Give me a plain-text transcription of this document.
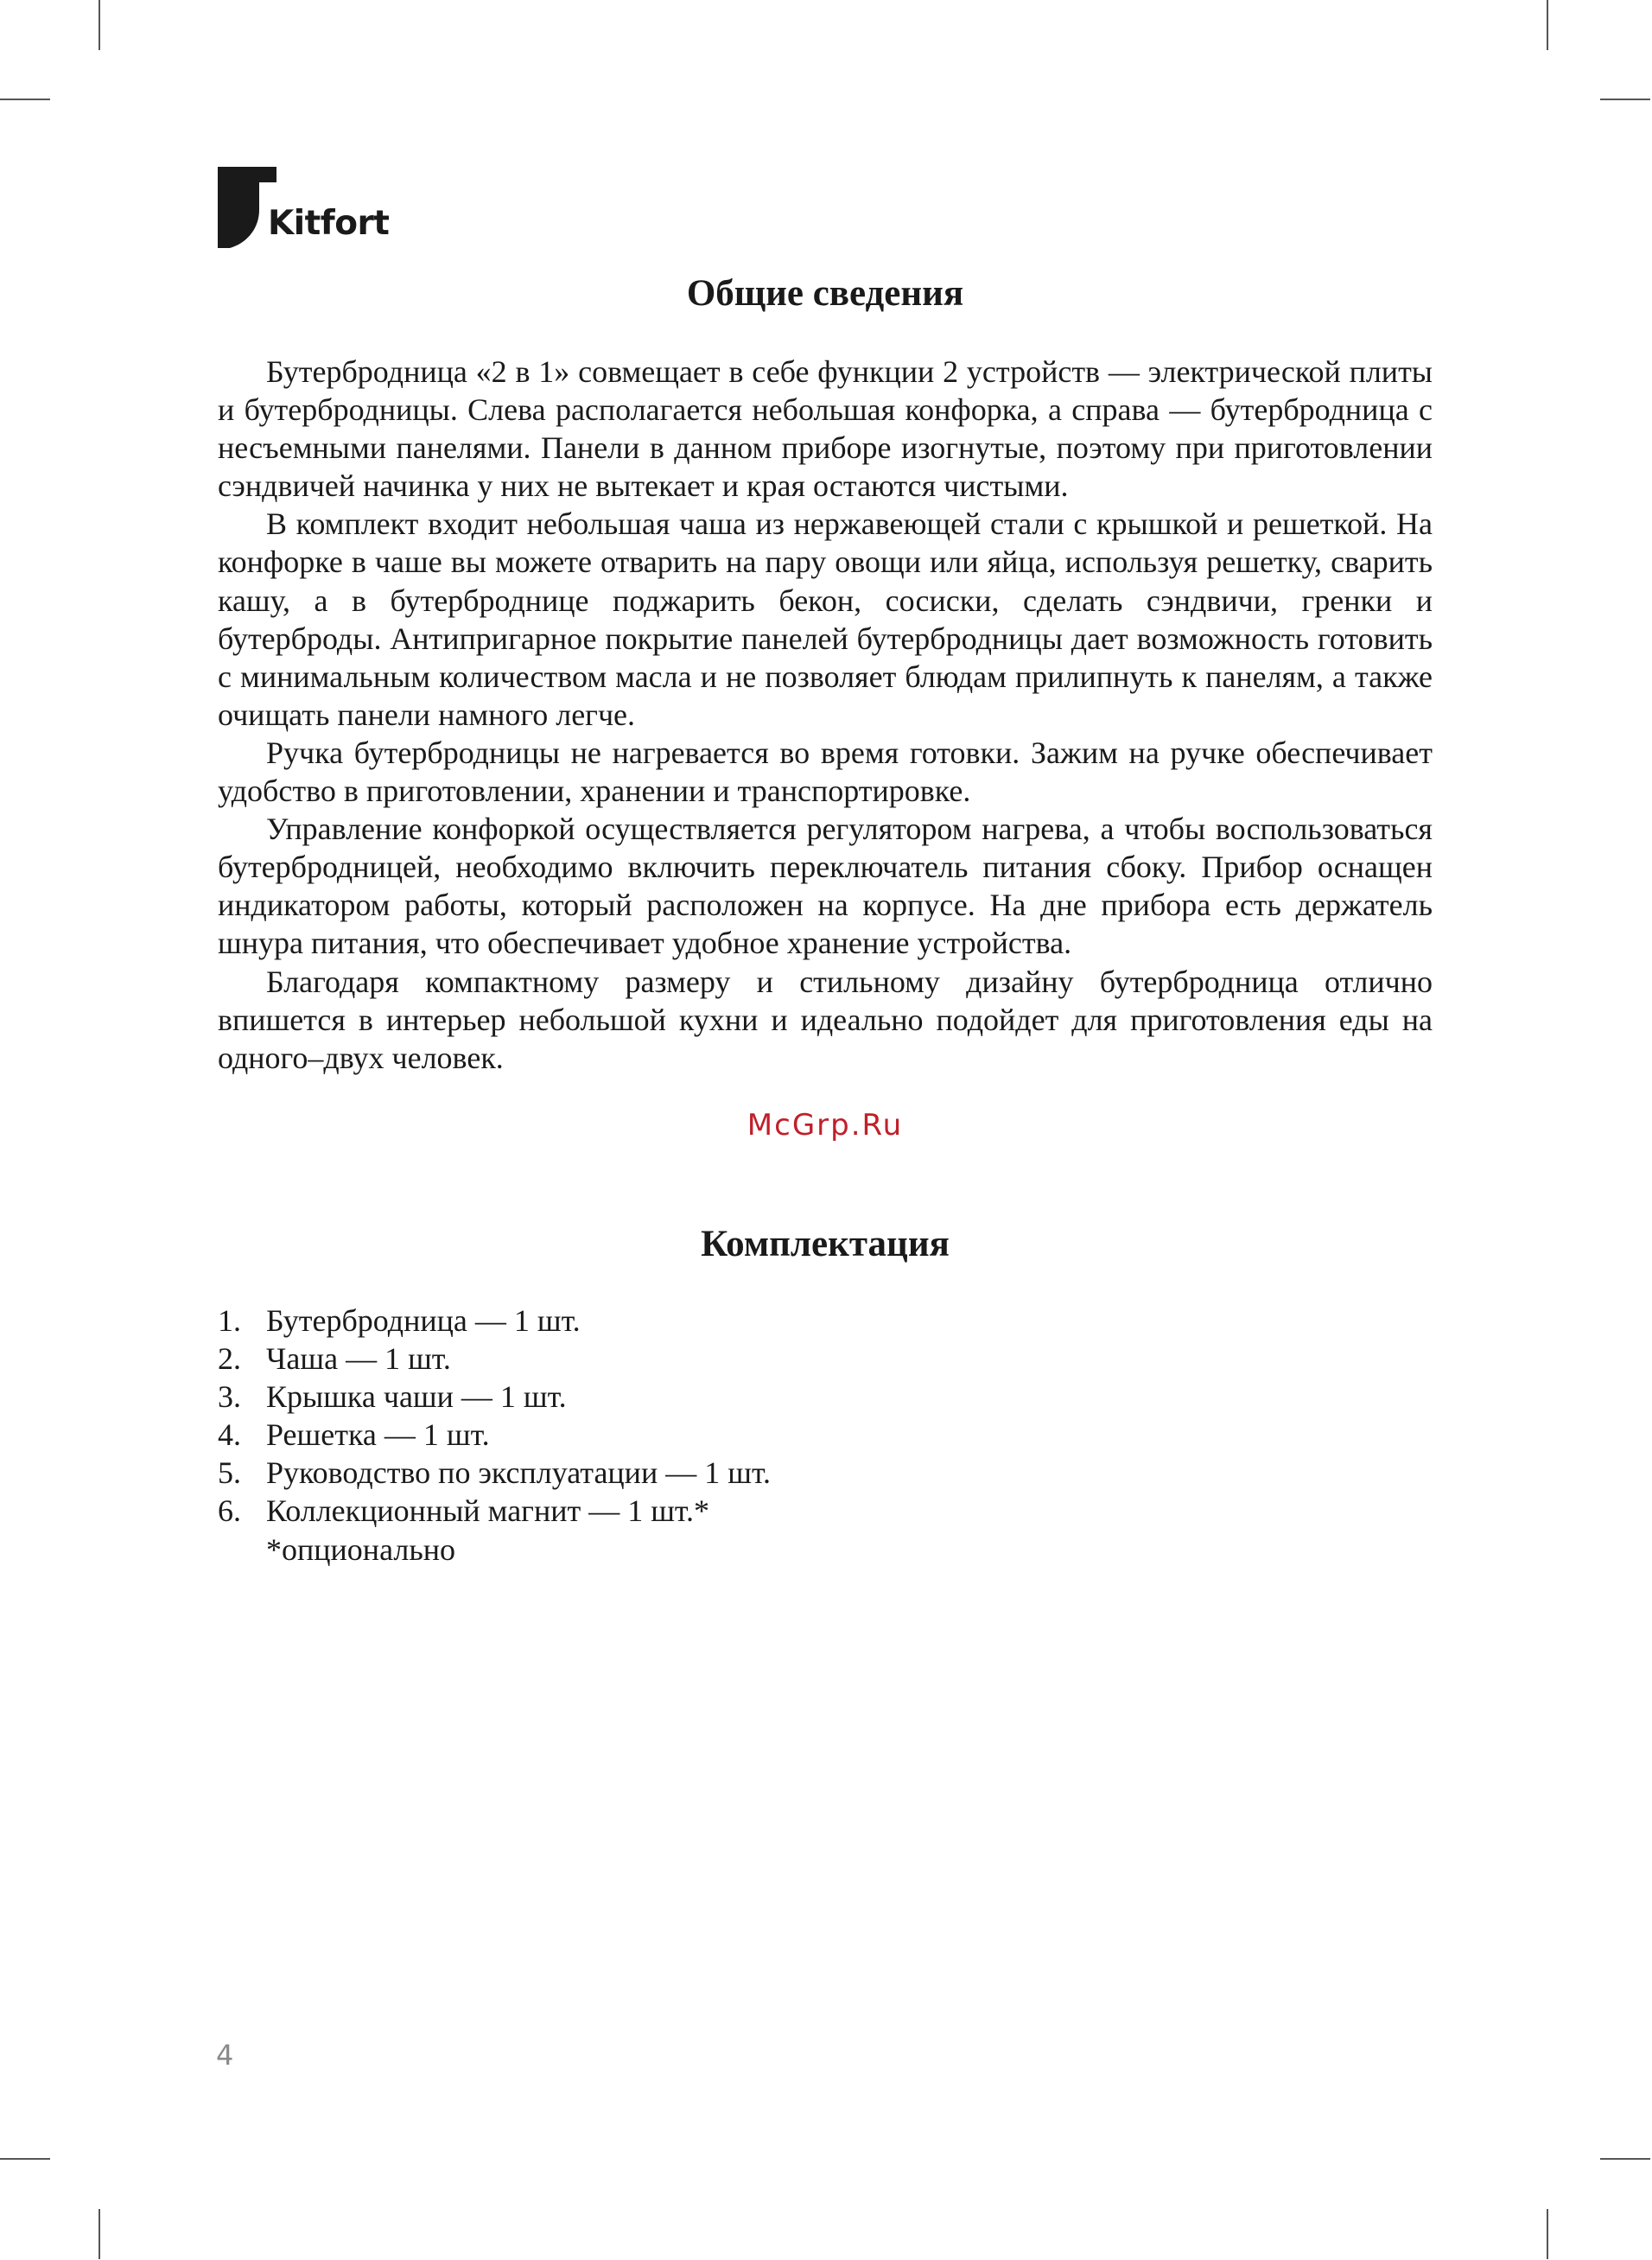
Kitfort
Общие сведения

Бутербродница «2 в 1» совмещает в себе функции 2 устройств — электрической плиты и бутербродницы. Слева располагается небольшая конфорка, а справа — бутербродница с несъемными панелями. Панели в данном приборе изогнутые, поэтому при приготовлении сэндвичей начинка у них не вытекает и края остаются чистыми.

В комплект входит небольшая чаша из нержавеющей стали с крышкой и решеткой. На конфорке в чаше вы можете отварить на пару овощи или яйца, используя решетку, сварить кашу, а в бутербродницe поджарить бекон, сосиски, сделать сэндвичи, гренки и бутерброды. Антипригарное покрытие панелей бутербродницы дает возможность готовить с минимальным количеством масла и не позволяет блюдам прилипнуть к панелям, а также очищать панели намного легче.

Ручка бутербродницы не нагревается во время готовки. Зажим на ручке обеспечивает удобство в приготовлении, хранении и транспортировке.

Управление конфоркой осуществляется регулятором нагрева, а чтобы воспользоваться бутербродницей, необходимо включить переключатель питания сбоку. Прибор оснащен индикатором работы, который расположен на корпусе. На дне прибора есть держатель шнура питания, что обеспечивает удобное хранение устройства.

Благодаря компактному размеру и стильному дизайну бутербродница отлично впишется в интерьер небольшой кухни и идеально подойдет для приготовления еды на одного–двух человек.

McGrp.Ru
Комплектация
1. Бутербродница — 1 шт.
2. Чаша — 1 шт.
3. Крышка чаши — 1 шт.
4. Решетка — 1 шт.
5. Руководство по эксплуатации — 1 шт.
6. Коллекционный магнит — 1 шт.*
*опционально
4
